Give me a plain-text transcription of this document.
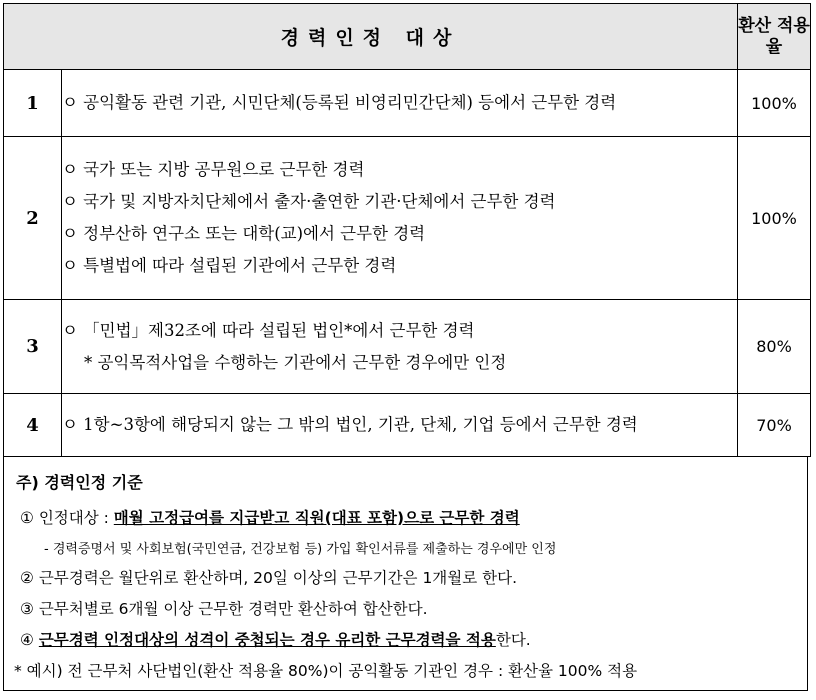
경력인정 대상		환산 적용율
1	ㅇ 공익활동 관련 기관, 시민단체(등록된 비영리민간단체) 등에서 근무한 경력	100%
2	ㅇ 국가 또는 지방 공무원으로 근무한 경력
ㅇ 국가 및 지방자치단체에서 출자·출연한 기관·단체에서 근무한 경력
ㅇ 정부산하 연구소 또는 대학(교)에서 근무한 경력
ㅇ 특별법에 따라 설립된 기관에서 근무한 경력	100%
3	ㅇ 「민법」제32조에 따라 설립된 법인*에서 근무한 경력
* 공익목적사업을 수행하는 기관에서 근무한 경우에만 인정	80%
4	ㅇ 1항~3항에 해당되지 않는 그 밖의 법인, 기관, 단체, 기업 등에서 근무한 경력	70%
주) 경력인정 기준
① 인정대상 : 매월 고정급여를 지급받고 직원(대표 포함)으로 근무한 경력
- 경력증명서 및 사회보험(국민연금, 건강보험 등) 가입 확인서류를 제출하는 경우에만 인정
② 근무경력은 월단위로 환산하며, 20일 이상의 근무기간은 1개월로 한다.
③ 근무처별로 6개월 이상 근무한 경력만 환산하여 합산한다.
④ 근무경력 인정대상의 성격이 중첩되는 경우 유리한 근무경력을 적용한다.
* 예시) 전 근무처 사단법인(환산 적용율 80%)이 공익활동 기관인 경우 : 환산율 100% 적용
